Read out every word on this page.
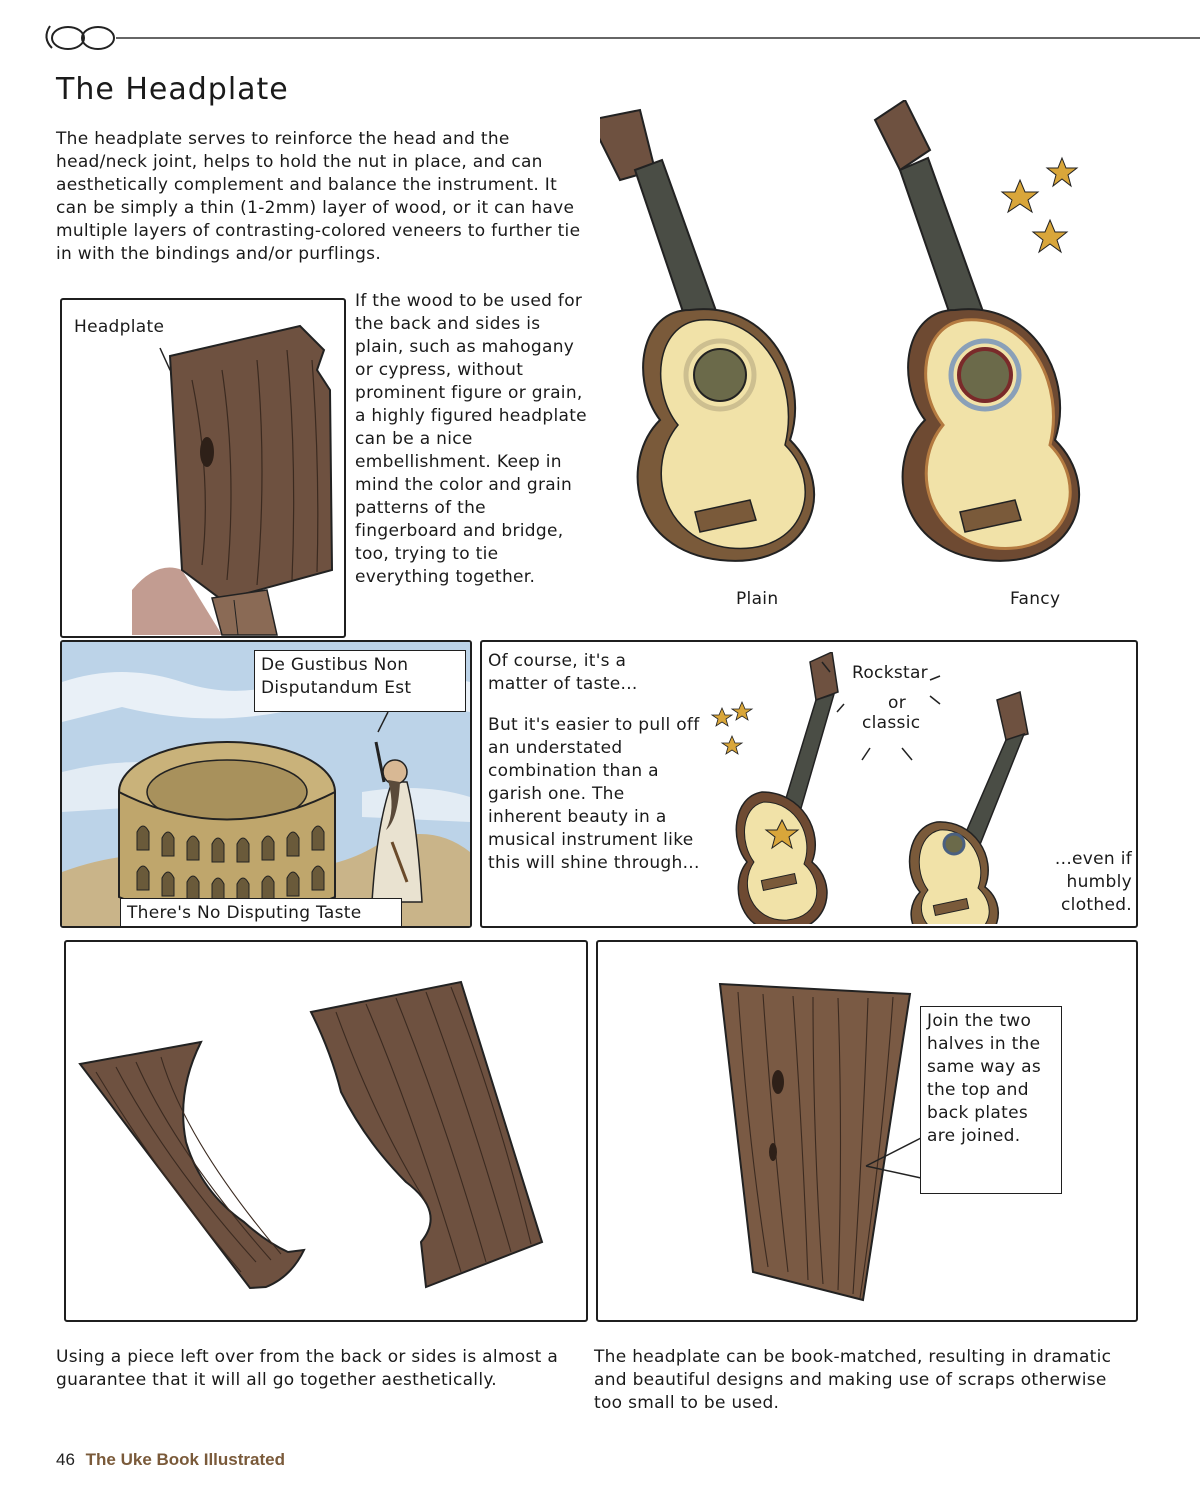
The Headplate
The headplate serves to reinforce the head and the head/neck joint, helps to hold the nut in place, and can aesthetically complement and balance the instrument. It can be simply a thin (1-2mm) layer of wood, or it can have multiple layers of contrasting-colored veneers to further tie in with the bindings and/or purflings.
Headplate
If the wood to be used for the back and sides is plain, such as mahogany or cypress, without prominent figure or grain, a highly figured headplate can be a nice embellishment. Keep in mind the color and grain patterns of the fingerboard and bridge, too, trying to tie everything together.
Plain	Fancy
De Gustibus Non Disputandum Est
There's No Disputing Taste
Of course, it's a matter of taste...
But it's easier to pull off an understated combination than a garish one. The inherent beauty in a musical instrument like this will shine through...
Rockstar
or
classic
...even if humbly clothed.
Join the two halves in the same way as the top and back plates are joined.
Using a piece left over from the back or sides is almost a guarantee that it will all go together aesthetically.
The headplate can be book-matched, resulting in dramatic and beautiful designs and making use of scraps otherwise too small to be used.
46 The Uke Book Illustrated
